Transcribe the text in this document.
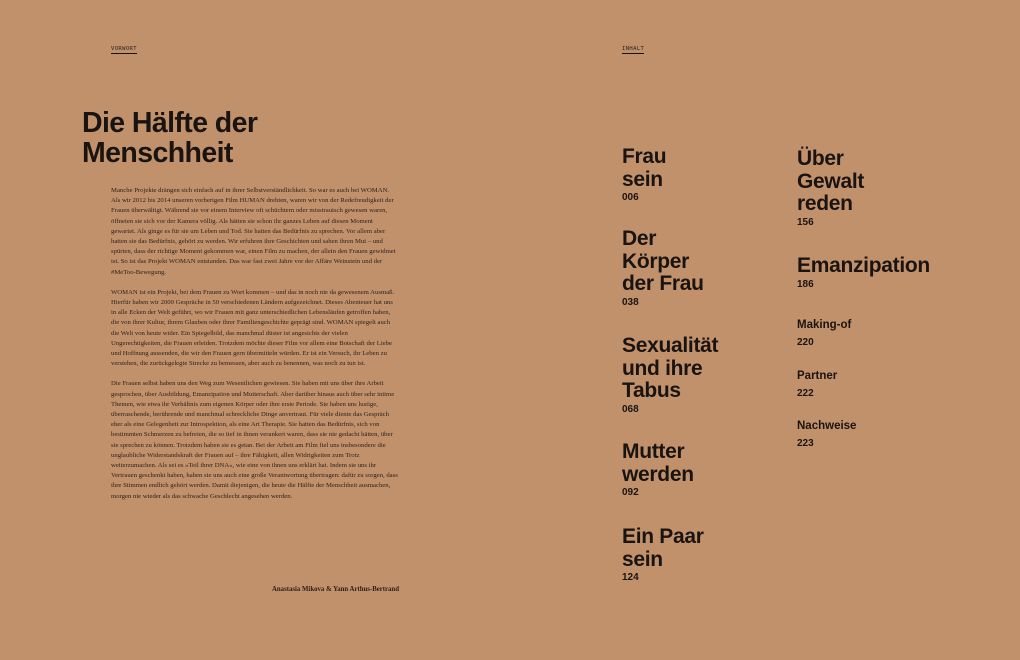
VORWORT
Die Hälfte der Menschheit

Manche Projekte drängen sich einfach auf in ihrer Selbstverständlichkeit. So war es auch bei WOMAN. Als wir 2012 bis 2014 unseren vorherigen Film HUMAN drehten, waren wir von der Redefreudigkeit der Frauen überwältigt. Während sie vor einem Interview oft schüchtern oder misstrauisch gewesen waren, öffneten sie sich vor der Kamera völlig. Als hätten sie schon ihr ganzes Leben auf diesen Moment gewartet. Als ginge es für sie um Leben und Tod. Sie hatten das Bedürfnis zu sprechen. Vor allem aber hatten sie das Bedürfnis, gehört zu werden. Wir erfuhren ihre Geschichten und sahen ihren Mut – und spürten, dass der richtige Moment gekommen war, einen Film zu machen, der allein den Frauen gewidmet ist. So ist das Projekt WOMAN entstanden. Das war fast zwei Jahre vor der Affäre Weinstein und der #MeToo-Bewegung.

WOMAN ist ein Projekt, bei dem Frauen zu Wort kommen – und das in noch nie da gewesenem Ausmaß. Hierfür haben wir 2000 Gespräche in 50 verschiedenen Ländern aufgezeichnet. Dieses Abenteuer hat uns in alle Ecken der Welt geführt, wo wir Frauen mit ganz unterschiedlichen Lebensläufen getroffen haben, die von ihrer Kultur, ihrem Glauben oder ihrer Familiengeschichte geprägt sind. WOMAN spiegelt auch die Welt von heute wider. Ein Spiegelbild, das manchmal düster ist angesichts der vielen Ungerechtigkeiten, die Frauen erleiden. Trotzdem möchte dieser Film vor allem eine Botschaft der Liebe und Hoffnung aussenden, die wir den Frauen gern übermitteln würden. Er ist ein Versuch, ihr Leben zu verstehen, die zurückgelegte Strecke zu bemessen, aber auch zu benennen, was noch zu tun ist.

Die Frauen selbst haben uns den Weg zum Wesentlichen gewiesen. Sie haben mit uns über ihre Arbeit gesprochen, über Ausbildung, Emanzipation und Mutterschaft. Aber darüber hinaus auch über sehr intime Themen, wie etwa ihr Verhältnis zum eigenen Körper oder ihre erste Periode. Sie haben uns lustige, überraschende, berührende und manchmal schreckliche Dinge anvertraut. Für viele diente das Gespräch eher als eine Gelegenheit zur Introspektion, als eine Art Therapie. Sie hatten das Bedürfnis, sich von bestimmten Schmerzen zu befreien, die so tief in ihnen verankert waren, dass sie nie gedacht hätten, über sie sprechen zu können. Trotzdem haben sie es getan. Bei der Arbeit am Film fiel uns insbesondere die unglaubliche Widerstandskraft der Frauen auf – ihre Fähigkeit, allen Widrigkeiten zum Trotz weiterzumachen. Als sei es »Teil ihrer DNA«, wie eine von ihnen uns erklärt hat. Indem sie uns ihr Vertrauen geschenkt haben, haben sie uns auch eine große Verantwortung übertragen: dafür zu sorgen, dass ihre Stimmen endlich gehört werden. Damit diejenigen, die heute die Hälfte der Menschheit ausmachen, morgen nie wieder als das schwache Geschlecht angesehen werden.

Anastasia Mikova & Yann Arthus-Bertrand
INHALT
Frau
sein
006
Der
Körper
der Frau
038
Sexualität
und ihre
Tabus
068
Mutter
werden
092
Ein Paar
sein
124
Über
Gewalt
reden
156
Emanzipation
186
Making-of
220
Partner
222
Nachweise
223
